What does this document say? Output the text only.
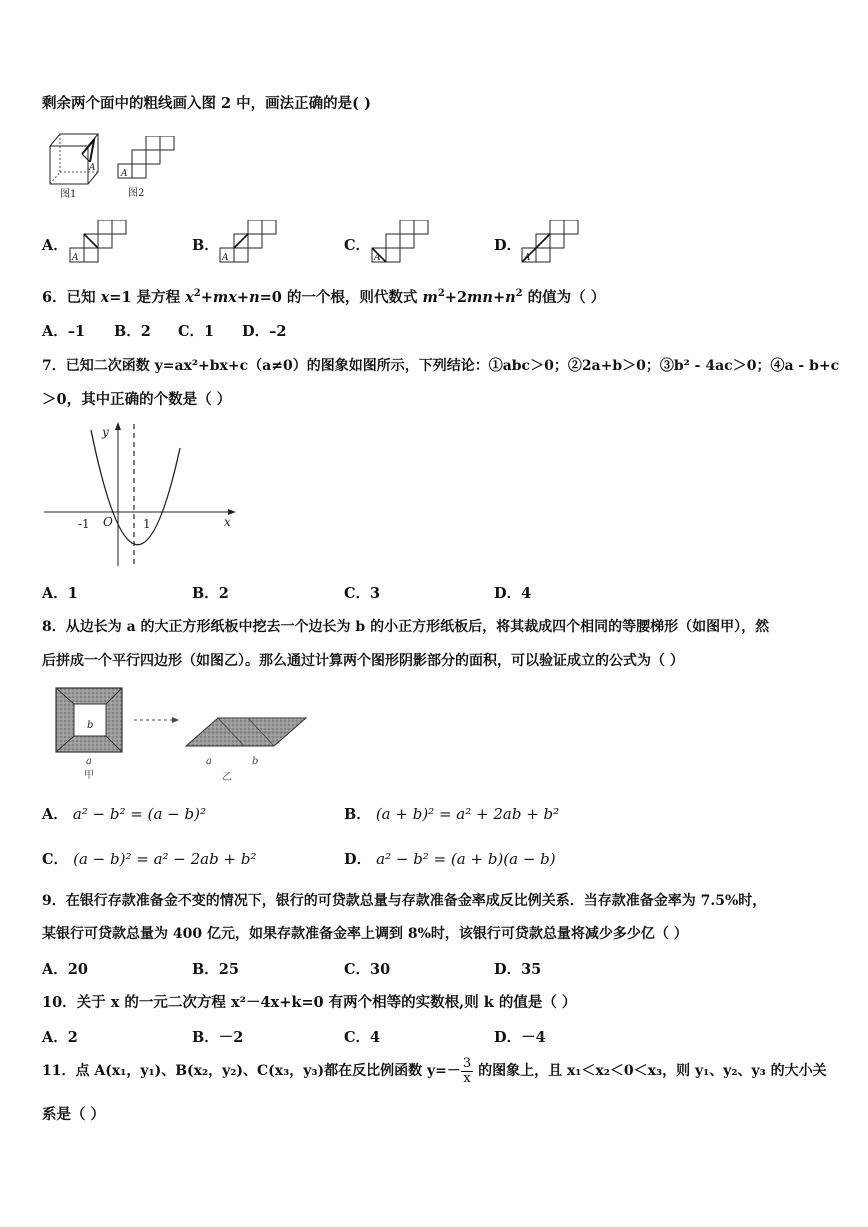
剩余两个面中的粗线画入图 2 中，画法正确的是( )
A
图1
A
图2
A．
A
B．
A
C．
A
D．
A
6．已知 x=1 是方程 $x^2+mx+n=0$ 的一个根，则代数式 $m^2+2mn+n^2$ 的值为（ ）
A．–1 B．2 C．1 D．–2
7．已知二次函数 y=ax²+bx+c（a≠0）的图象如图所示，下列结论：①abc＞0；②2a+b＞0；③b² - 4ac＞0；④a - b+c
＞0，其中正确的个数是（ ）
y
x
O
-1	1
A．1	B．2	C．3	D．4
8．从边长为 a 的大正方形纸板中挖去一个边长为 b 的小正方形纸板后，将其裁成四个相同的等腰梯形（如图甲），然
后拼成一个平行四边形（如图乙）。那么通过计算两个图形阴影部分的面积，可以验证成立的公式为（ ）
b
a
甲
a	b
乙
A． a² − b² = (a − b)²	B． (a + b)² = a² + 2ab + b²
C． (a − b)² = a² − 2ab + b²	D． a² − b² = (a + b)(a − b)
9．在银行存款准备金不变的情况下，银行的可贷款总量与存款准备金率成反比例关系．当存款准备金率为 7.5%时，
某银行可贷款总量为 400 亿元，如果存款准备金率上调到 8%时，该银行可贷款总量将减少多少亿（ ）
A．20	B．25	C．30	D．35
10．关于 x 的一元二次方程 x²－4x+k=0 有两个相等的实数根,则 k 的值是（ ）
A．2	B．－2	C．4	D．－4
11．点 A(x₁，y₁)、B(x₂，y₂)、C(x₃，y₃)都在反比例函数 $y=- \frac{3}{x}$ 的图象上，且 x₁＜x₂＜0＜x₃，则 y₁、y₂、y₃ 的大小关
系是（ ）
